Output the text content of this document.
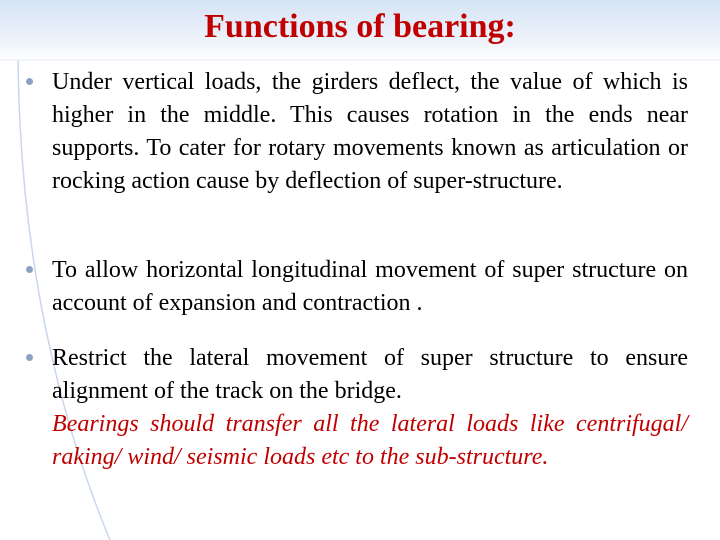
Functions of bearing:

Under vertical loads, the girders deflect, the value of which is higher in the middle. This causes rotation in the ends near supports. To cater for rotary movements known as articulation or rocking action cause by deflection of super-structure.

To allow horizontal longitudinal movement of super structure on account of expansion and contraction .

Restrict the lateral movement of super structure to ensure alignment of the track on the bridge.
Bearings should transfer all the lateral loads like centrifugal/ raking/ wind/ seismic loads etc to the sub-structure.
